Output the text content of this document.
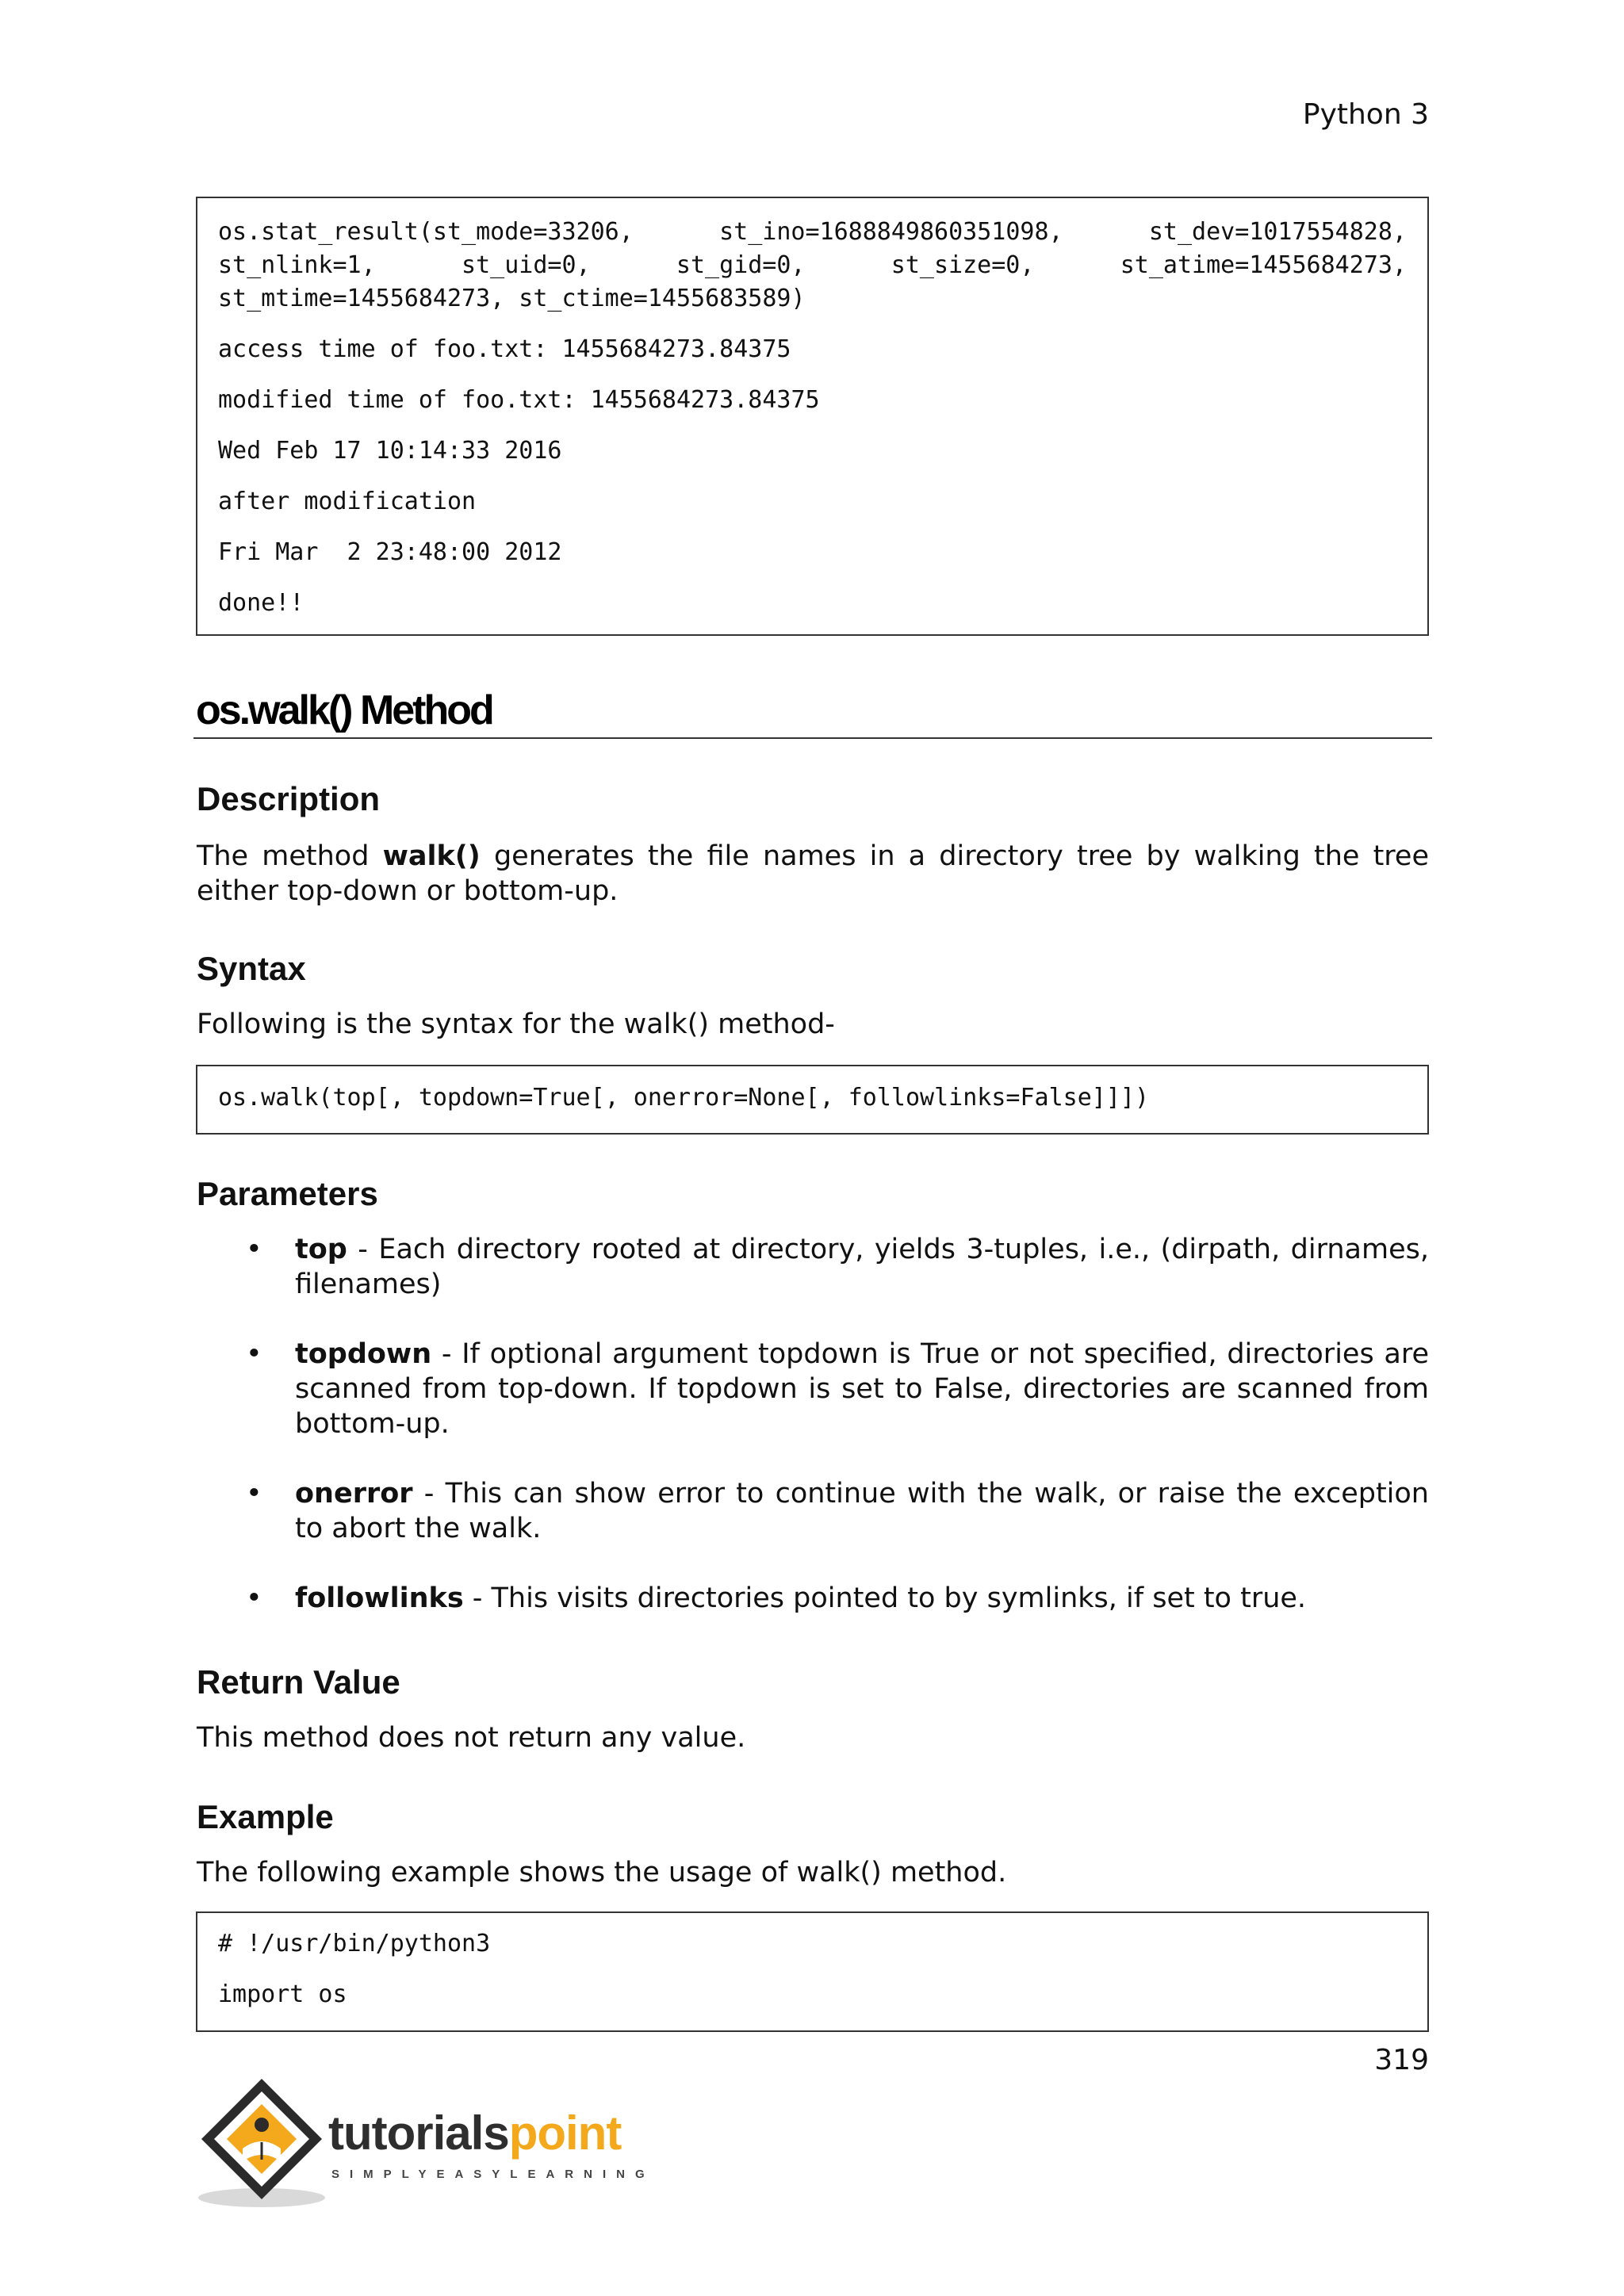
Python 3
os.stat_result(st_mode=33206,	st_ino=1688849860351098,	st_dev=1017554828,
st_nlink=1,	st_uid=0,	st_gid=0,	st_size=0,	st_atime=1455684273,
st_mtime=1455684273, st_ctime=1455683589)
access time of foo.txt: 1455684273.84375
modified time of foo.txt: 1455684273.84375
Wed Feb 17 10:14:33 2016
after modification
Fri Mar  2 23:48:00 2012
done!!
os.walk() Method
Description
The method walk() generates the file names in a directory tree by walking the tree either top-down or bottom-up.
Syntax
Following is the syntax for the walk() method-
os.walk(top[, topdown=True[, onerror=None[, followlinks=False]]])
Parameters
• top - Each directory rooted at directory, yields 3-tuples, i.e., (dirpath, dirnames, filenames)
• topdown - If optional argument topdown is True or not specified, directories are scanned from top-down. If topdown is set to False, directories are scanned from bottom-up.
• onerror - This can show error to continue with the walk, or raise the exception to abort the walk.
• followlinks - This visits directories pointed to by symlinks, if set to true.
Return Value
This method does not return any value.
Example
The following example shows the usage of walk() method.
# !/usr/bin/python3
import os
319
tutorialspoint
SIMPLYEASYLEARNING
